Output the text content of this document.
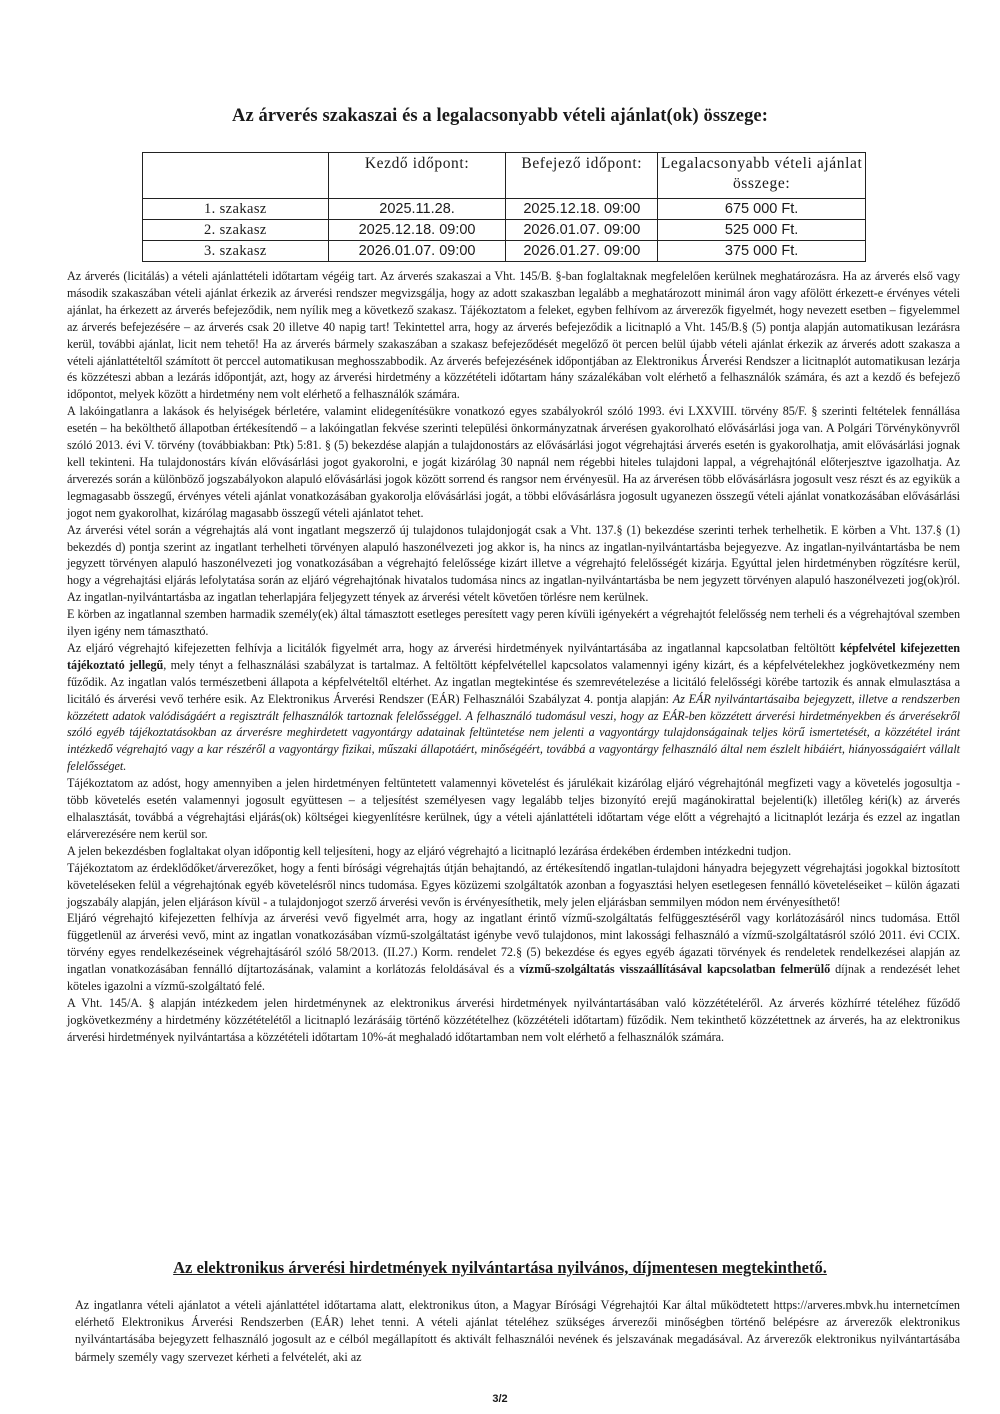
Az árverés szakaszai és a legalacsonyabb vételi ajánlat(ok) összege:
	Kezdő időpont:	Befejező időpont:	Legalacsonyabb vételi ajánlat összege:
1. szakasz	2025.11.28.	2025.12.18. 09:00	675 000 Ft.
2. szakasz	2025.12.18. 09:00	2026.01.07. 09:00	525 000 Ft.
3. szakasz	2026.01.07. 09:00	2026.01.27. 09:00	375 000 Ft.

Az árverés (licitálás) a vételi ajánlattételi időtartam végéig tart. Az árverés szakaszai a Vht. 145/B. §-ban foglaltaknak megfelelően kerülnek meghatározásra. Ha az árverés első vagy második szakaszában vételi ajánlat érkezik az árverési rendszer megvizsgálja, hogy az adott szakaszban legalább a meghatározott minimál áron vagy afölött érkezett-e érvényes vételi ajánlat, ha érkezett az árverés befejeződik, nem nyílik meg a következő szakasz. Tájékoztatom a feleket, egyben felhívom az árverezők figyelmét, hogy nevezett esetben – figyelemmel az árverés befejezésére – az árverés csak 20 illetve 40 napig tart! Tekintettel arra, hogy az árverés befejeződik a licitnapló a Vht. 145/B.§ (5) pontja alapján automatikusan lezárásra kerül, további ajánlat, licit nem tehető! Ha az árverés bármely szakaszában a szakasz befejeződését megelőző öt percen belül újabb vételi ajánlat érkezik az árverés adott szakasza a vételi ajánlattételtől számított öt perccel automatikusan meghosszabbodik. Az árverés befejezésének időpontjában az Elektronikus Árverési Rendszer a licitnaplót automatikusan lezárja és közzéteszi abban a lezárás időpontját, azt, hogy az árverési hirdetmény a közzétételi időtartam hány százalékában volt elérhető a felhasználók számára, és azt a kezdő és befejező időpontot, melyek között a hirdetmény nem volt elérhető a felhasználók számára.

A lakóingatlanra a lakások és helyiségek bérletére, valamint elidegenítésükre vonatkozó egyes szabályokról szóló 1993. évi LXXVIII. törvény 85/F. § szerinti feltételek fennállása esetén – ha bekölthető állapotban értékesítendő – a lakóingatlan fekvése szerinti települési önkormányzatnak árverésen gyakorolható elővásárlási joga van. A Polgári Törvénykönyvről szóló 2013. évi V. törvény (továbbiakban: Ptk) 5:81. § (5) bekezdése alapján a tulajdonostárs az elővásárlási jogot végrehajtási árverés esetén is gyakorolhatja, amit elővásárlási jognak kell tekinteni. Ha tulajdonostárs kíván elővásárlási jogot gyakorolni, e jogát kizárólag 30 napnál nem régebbi hiteles tulajdoni lappal, a végrehajtónál előterjesztve igazolhatja. Az árverezés során a különböző jogszabályokon alapuló elővásárlási jogok között sorrend és rangsor nem érvényesül. Ha az árverésen több elővásárlásra jogosult vesz részt és az egyikük a legmagasabb összegű, érvényes vételi ajánlat vonatkozásában gyakorolja elővásárlási jogát, a többi elővásárlásra jogosult ugyanezen összegű vételi ajánlat vonatkozásában elővásárlási jogot nem gyakorolhat, kizárólag magasabb összegű vételi ajánlatot tehet.

Az árverési vétel során a végrehajtás alá vont ingatlant megszerző új tulajdonos tulajdonjogát csak a Vht. 137.§ (1) bekezdése szerinti terhek terhelhetik. E körben a Vht. 137.§ (1) bekezdés d) pontja szerint az ingatlant terhelheti törvényen alapuló haszonélvezeti jog akkor is, ha nincs az ingatlan-nyilvántartásba bejegyezve. Az ingatlan-nyilvántartásba be nem jegyzett törvényen alapuló haszonélvezeti jog vonatkozásában a végrehajtó felelőssége kizárt illetve a végrehajtó felelősségét kizárja. Egyúttal jelen hirdetményben rögzítésre kerül, hogy a végrehajtási eljárás lefolytatása során az eljáró végrehajtónak hivatalos tudomása nincs az ingatlan-nyilvántartásba be nem jegyzett törvényen alapuló haszonélvezeti jog(ok)ról. Az ingatlan-nyilvántartásba az ingatlan teherlapjára feljegyzett tények az árverési vételt követően törlésre nem kerülnek.

E körben az ingatlannal szemben harmadik személy(ek) által támasztott esetleges peresített vagy peren kívüli igényekért a végrehajtót felelősség nem terheli és a végrehajtóval szemben ilyen igény nem támasztható.

Az eljáró végrehajtó kifejezetten felhívja a licitálók figyelmét arra, hogy az árverési hirdetmények nyilvántartásába az ingatlannal kapcsolatban feltöltött képfelvétel kifejezetten tájékoztató jellegű, mely tényt a felhasználási szabályzat is tartalmaz. A feltöltött képfelvétellel kapcsolatos valamennyi igény kizárt, és a képfelvételekhez jogkövetkezmény nem fűződik. Az ingatlan valós természetbeni állapota a képfelvételtől eltérhet. Az ingatlan megtekintése és szemrevételezése a licitáló felelősségi körébe tartozik és annak elmulasztása a licitáló és árverési vevő terhére esik. Az Elektronikus Árverési Rendszer (EÁR) Felhasználói Szabályzat 4. pontja alapján: Az EÁR nyilvántartásaiba bejegyzett, illetve a rendszerben közzétett adatok valódiságáért a regisztrált felhasználók tartoznak felelősséggel. A felhasználó tudomásul veszi, hogy az EÁR-ben közzétett árverési hirdetményekben és árverésekről szóló egyéb tájékoztatásokban az árverésre meghirdetett vagyontárgy adatainak feltüntetése nem jelenti a vagyontárgy tulajdonságainak teljes körű ismertetését, a közzététel iránt intézkedő végrehajtó vagy a kar részéről a vagyontárgy fizikai, műszaki állapotáért, minőségéért, továbbá a vagyontárgy felhasználó által nem észlelt hibáiért, hiányosságaiért vállalt felelősséget.

Tájékoztatom az adóst, hogy amennyiben a jelen hirdetményen feltüntetett valamennyi követelést és járulékait kizárólag eljáró végrehajtónál megfizeti vagy a követelés jogosultja - több követelés esetén valamennyi jogosult együttesen – a teljesítést személyesen vagy legalább teljes bizonyító erejű magánokirattal bejelenti(k) illetőleg kéri(k) az árverés elhalasztását, továbbá a végrehajtási eljárás(ok) költségei kiegyenlítésre kerülnek, úgy a vételi ajánlattételi időtartam vége előtt a végrehajtó a licitnaplót lezárja és ezzel az ingatlan elárverezésére nem kerül sor.

A jelen bekezdésben foglaltakat olyan időpontig kell teljesíteni, hogy az eljáró végrehajtó a licitnapló lezárása érdekében érdemben intézkedni tudjon.

Tájékoztatom az érdeklődőket/árverezőket, hogy a fenti bírósági végrehajtás útján behajtandó, az értékesítendő ingatlan-tulajdoni hányadra bejegyzett végrehajtási jogokkal biztosított követeléseken felül a végrehajtónak egyéb követelésről nincs tudomása. Egyes közüzemi szolgáltatók azonban a fogyasztási helyen esetlegesen fennálló követeléseiket – külön ágazati jogszabály alapján, jelen eljáráson kívül - a tulajdonjogot szerző árverési vevőn is érvényesíthetik, mely jelen eljárásban semmilyen módon nem érvényesíthető!

Eljáró végrehajtó kifejezetten felhívja az árverési vevő figyelmét arra, hogy az ingatlant érintő vízmű-szolgáltatás felfüggesztéséről vagy korlátozásáról nincs tudomása. Ettől függetlenül az árverési vevő, mint az ingatlan vonatkozásában vízmű-szolgáltatást igénybe vevő tulajdonos, mint lakossági felhasználó a vízmű-szolgáltatásról szóló 2011. évi CCIX. törvény egyes rendelkezéseinek végrehajtásáról szóló 58/2013. (II.27.) Korm. rendelet 72.§ (5) bekezdése és egyes egyéb ágazati törvények és rendeletek rendelkezései alapján az ingatlan vonatkozásában fennálló díjtartozásának, valamint a korlátozás feloldásával és a vízmű-szolgáltatás visszaállításával kapcsolatban felmerülő díjnak a rendezését lehet köteles igazolni a vízmű-szolgáltató felé.

A Vht. 145/A. § alapján intézkedem jelen hirdetménynek az elektronikus árverési hirdetmények nyilvántartásában való közzétételéről. Az árverés közhírré tételéhez fűződő jogkövetkezmény a hirdetmény közzétételétől a licitnapló lezárásáig történő közzétételhez (közzétételi időtartam) fűződik. Nem tekinthető közzétettnek az árverés, ha az elektronikus árverési hirdetmények nyilvántartása a közzétételi időtartam 10%-át meghaladó időtartamban nem volt elérhető a felhasználók számára.

Az elektronikus árverési hirdetmények nyilvántartása nyilvános, díjmentesen megtekinthető.

Az ingatlanra vételi ajánlatot a vételi ajánlattétel időtartama alatt, elektronikus úton, a Magyar Bírósági Végrehajtói Kar által működtetett https://arveres.mbvk.hu internetcímen elérhető Elektronikus Árverési Rendszerben (EÁR) lehet tenni. A vételi ajánlat tételéhez szükséges árverezői minőségben történő belépésre az árverezők elektronikus nyilvántartásába bejegyzett felhasználó jogosult az e célból megállapított és aktivált felhasználói nevének és jelszavának megadásával. Az árverezők elektronikus nyilvántartásába bármely személy vagy szervezet kérheti a felvételét, aki az

3/2
